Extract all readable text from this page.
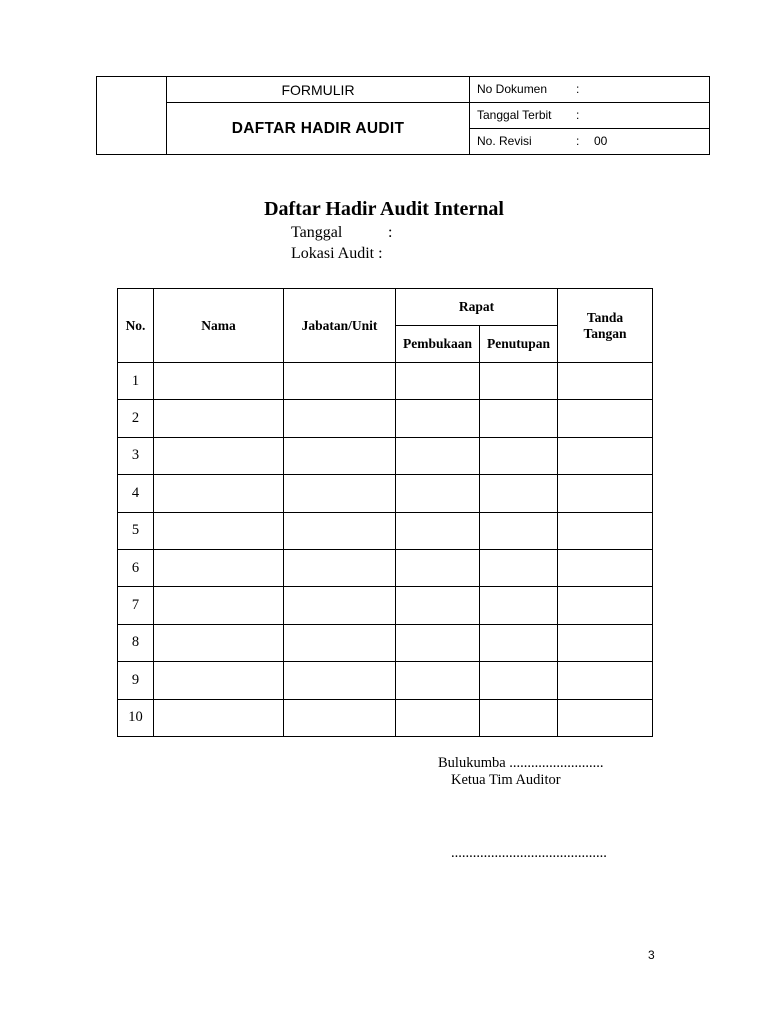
	FORMULIR	No Dokumen :

	DAFTAR HADIR AUDIT	Tanggal Terbit :

		No. Revisi : 00
Daftar Hadir Audit Internal
Tanggal	:
Lokasi Audit :
No.	Nama	Jabatan/Unit	Rapat		Tanda
Tangan
			Pembukaan	Penutupan	
1					
2					
3					
4					
5					
6					
7					
8					
9					
10					
Bulukumba ..........................
Ketua Tim Auditor
...........................................
3
